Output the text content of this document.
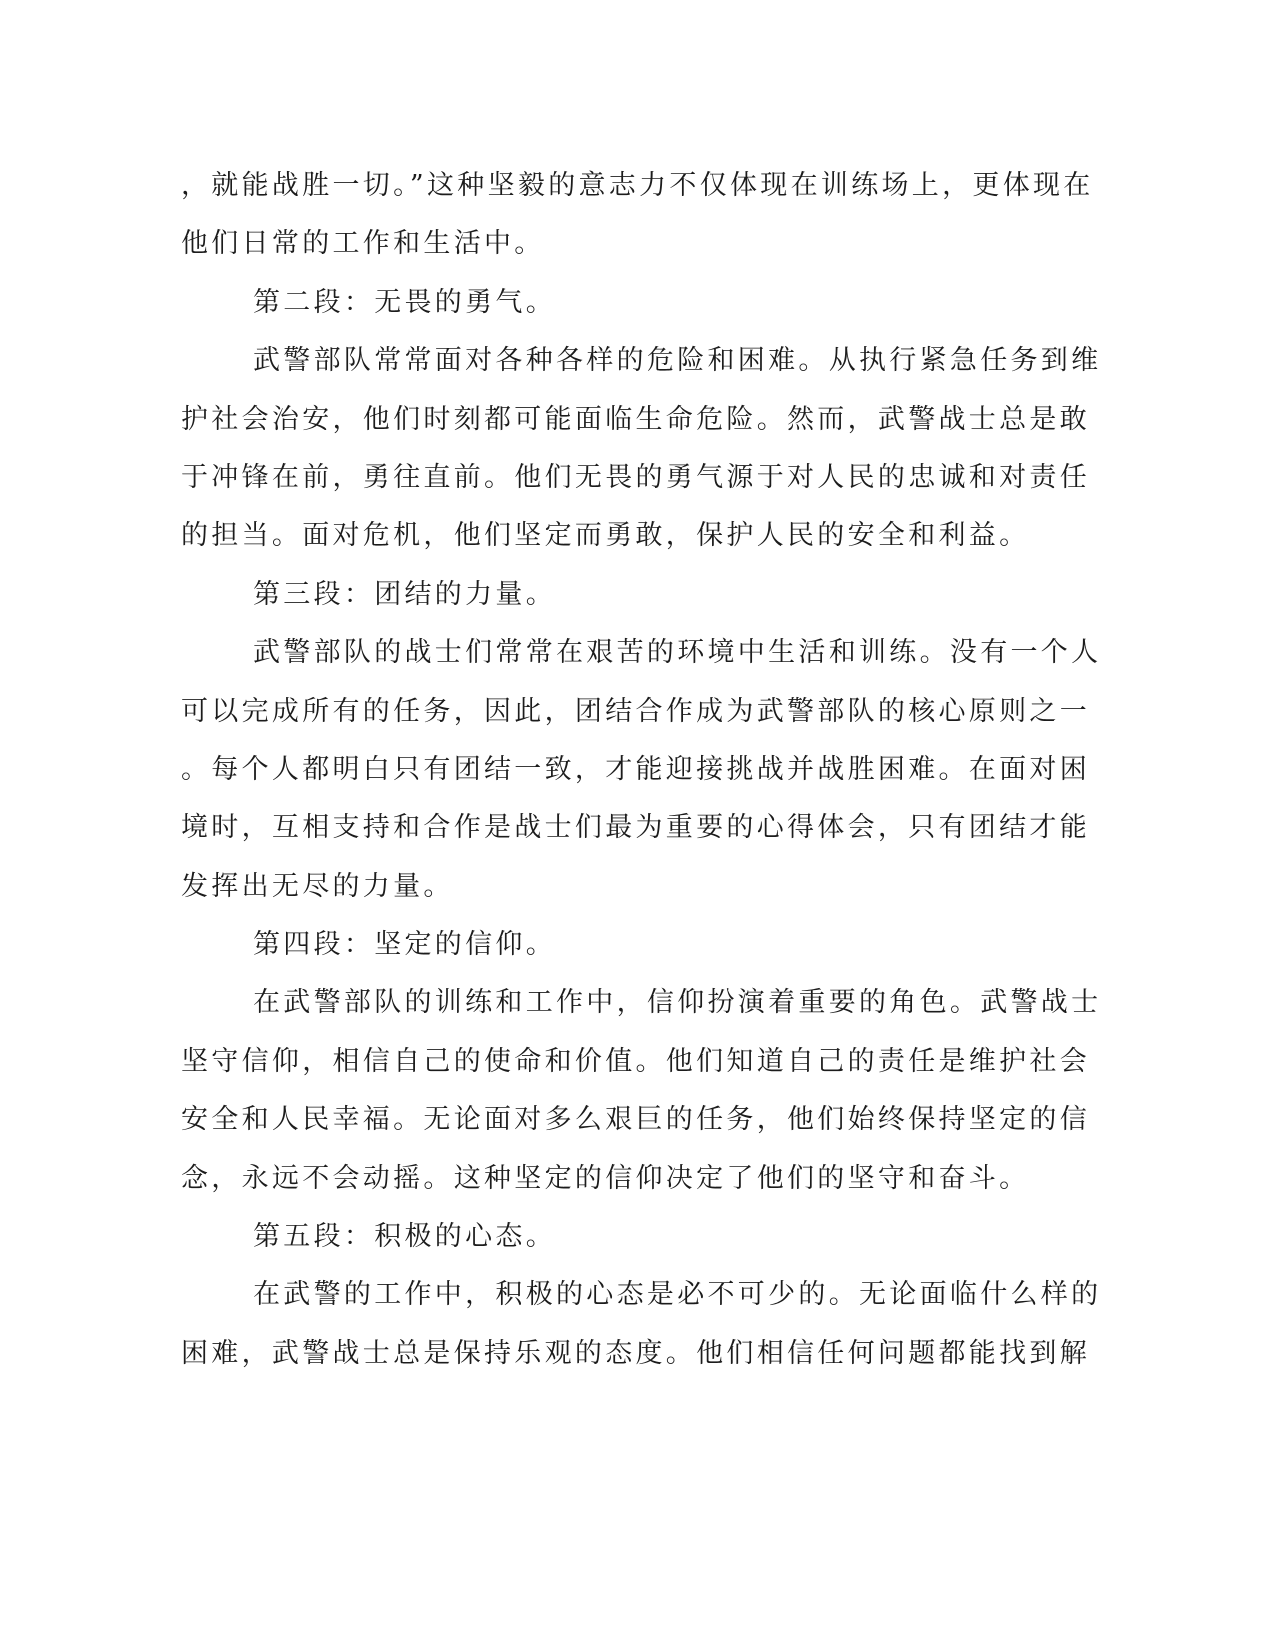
，就能战胜一切。”这种坚毅的意志力不仅体现在训练场上，更体现在
他们日常的工作和生活中。
第二段：无畏的勇气。
武警部队常常面对各种各样的危险和困难。从执行紧急任务到维
护社会治安，他们时刻都可能面临生命危险。然而，武警战士总是敢
于冲锋在前，勇往直前。他们无畏的勇气源于对人民的忠诚和对责任
的担当。面对危机，他们坚定而勇敢，保护人民的安全和利益。
第三段：团结的力量。
武警部队的战士们常常在艰苦的环境中生活和训练。没有一个人
可以完成所有的任务，因此，团结合作成为武警部队的核心原则之一
。每个人都明白只有团结一致，才能迎接挑战并战胜困难。在面对困
境时，互相支持和合作是战士们最为重要的心得体会，只有团结才能
发挥出无尽的力量。
第四段：坚定的信仰。
在武警部队的训练和工作中，信仰扮演着重要的角色。武警战士
坚守信仰，相信自己的使命和价值。他们知道自己的责任是维护社会
安全和人民幸福。无论面对多么艰巨的任务，他们始终保持坚定的信
念，永远不会动摇。这种坚定的信仰决定了他们的坚守和奋斗。
第五段：积极的心态。
在武警的工作中，积极的心态是必不可少的。无论面临什么样的
困难，武警战士总是保持乐观的态度。他们相信任何问题都能找到解
